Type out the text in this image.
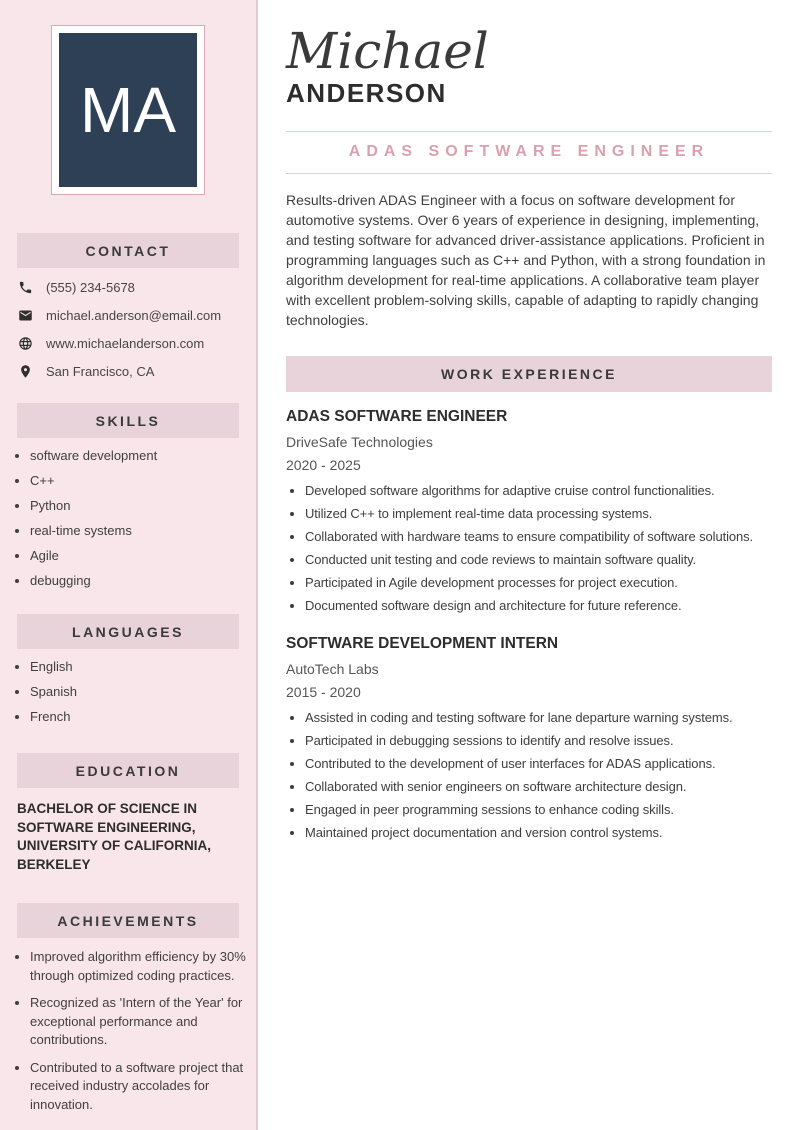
MA
CONTACT
(555) 234-5678
michael.anderson@email.com
www.michaelanderson.com
San Francisco, CA
SKILLS
• software development
• C++
• Python
• real-time systems
• Agile
• debugging
LANGUAGES
• English
• Spanish
• French
EDUCATION
BACHELOR OF SCIENCE IN SOFTWARE ENGINEERING, UNIVERSITY OF CALIFORNIA, BERKELEY
ACHIEVEMENTS
• Improved algorithm efficiency by 30% through optimized coding practices.
• Recognized as 'Intern of the Year' for exceptional performance and contributions.
• Contributed to a software project that received industry accolades for innovation.
Michael
ANDERSON
ADAS SOFTWARE ENGINEER

Results-driven ADAS Engineer with a focus on software development for automotive systems. Over 6 years of experience in designing, implementing, and testing software for advanced driver-assistance applications. Proficient in programming languages such as C++ and Python, with a strong foundation in algorithm development for real-time applications. A collaborative team player with excellent problem-solving skills, capable of adapting to rapidly changing technologies.

WORK EXPERIENCE
ADAS SOFTWARE ENGINEER
DriveSafe Technologies
2020 - 2025
• Developed software algorithms for adaptive cruise control functionalities.
• Utilized C++ to implement real-time data processing systems.
• Collaborated with hardware teams to ensure compatibility of software solutions.
• Conducted unit testing and code reviews to maintain software quality.
• Participated in Agile development processes for project execution.
• Documented software design and architecture for future reference.
SOFTWARE DEVELOPMENT INTERN
AutoTech Labs
2015 - 2020
• Assisted in coding and testing software for lane departure warning systems.
• Participated in debugging sessions to identify and resolve issues.
• Contributed to the development of user interfaces for ADAS applications.
• Collaborated with senior engineers on software architecture design.
• Engaged in peer programming sessions to enhance coding skills.
• Maintained project documentation and version control systems.
